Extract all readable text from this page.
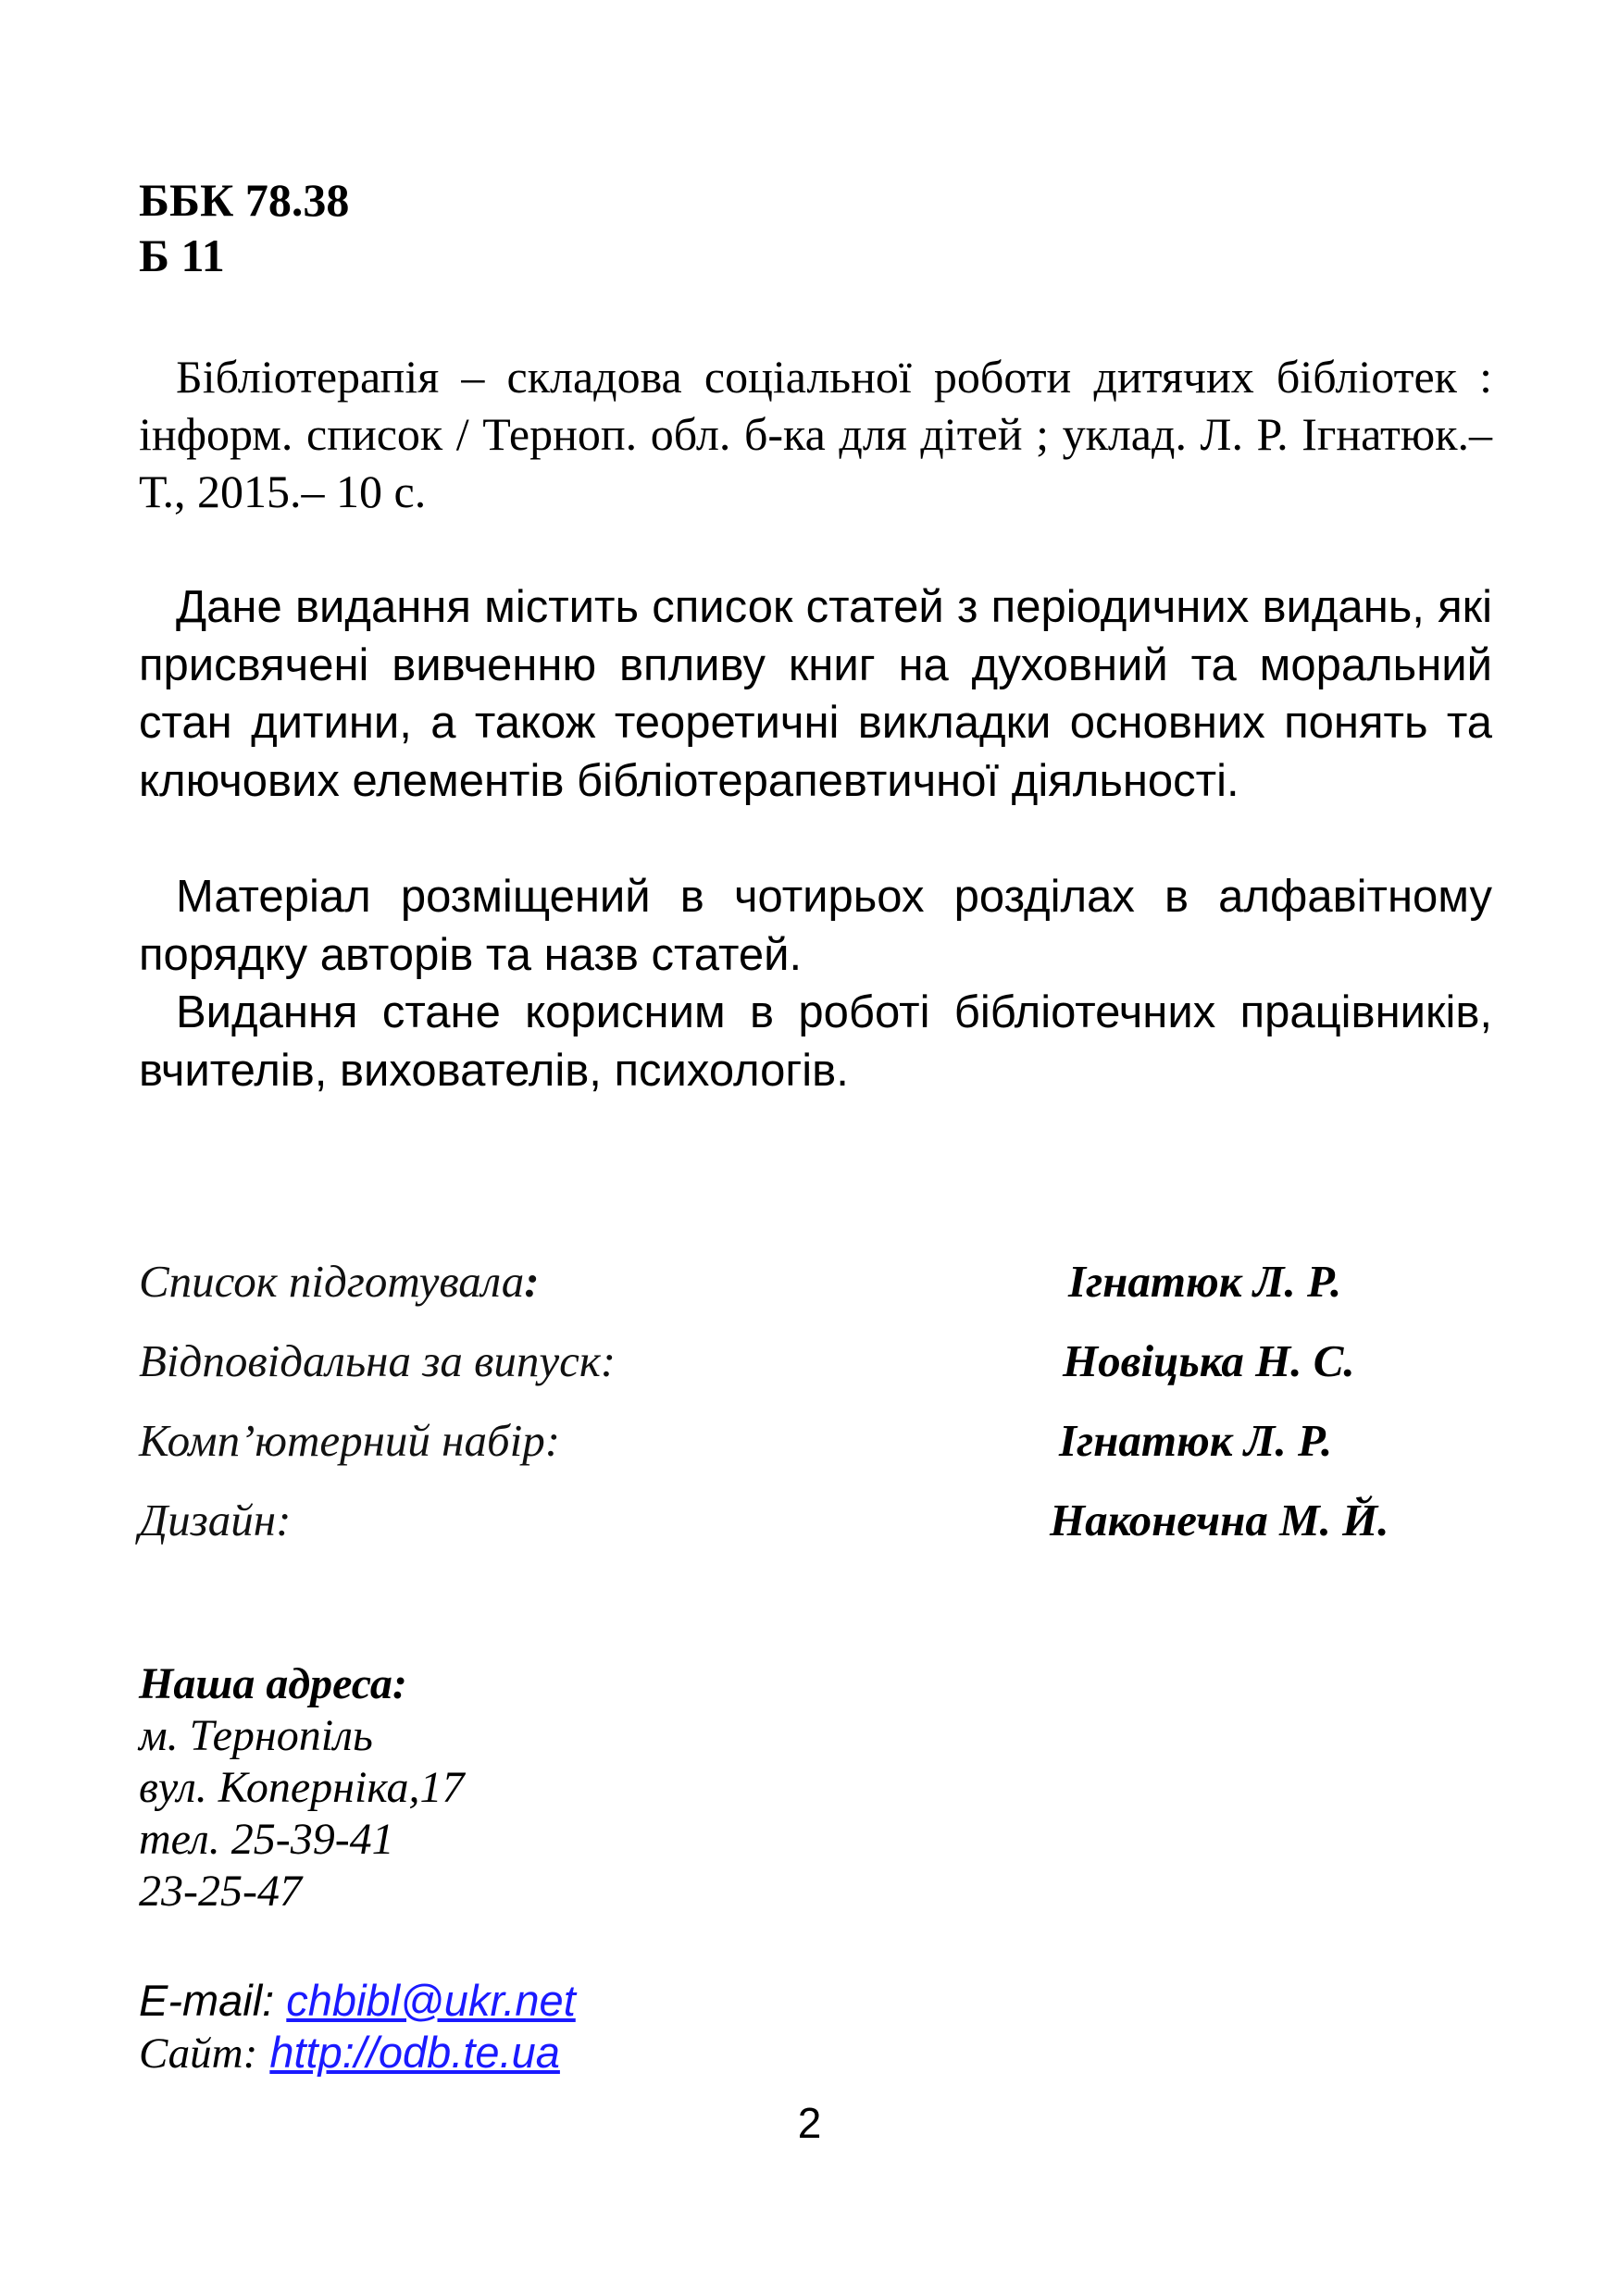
ББК 78.38
Б 11

Бібліотерапія – складова соціальної роботи дитячих бібліотек : інформ. список / Терноп. обл. б-ка для дітей ; уклад. Л. Р. Ігнатюк.– Т., 2015.– 10 с.

Дане видання містить список статей з періодичних видань, які присвячені вивченню впливу книг на духовний та моральний стан дитини, а також теоретичні викладки основних понять та ключових елементів бібліотерапевтичної діяльності.

Матеріал розміщений в чотирьох розділах в алфавітному порядку авторів та назв статей.

Видання стане корисним в роботі бібліотечних працівників, вчителів, вихователів, психологів.

Список підготувала:	Ігнатюк Л. Р.
Відповідальна за випуск:	Новіцька Н. С.
Комп’ютерний набір:	Ігнатюк Л. Р.
Дизайн:	Наконечна М. Й.
Наша адреса:
м. Тернопіль
вул. Коперніка,17
тел. 25-39-41
23-25-47
E-mail: chbibl@ukr.net
Сайт: http://odb.te.ua
2
